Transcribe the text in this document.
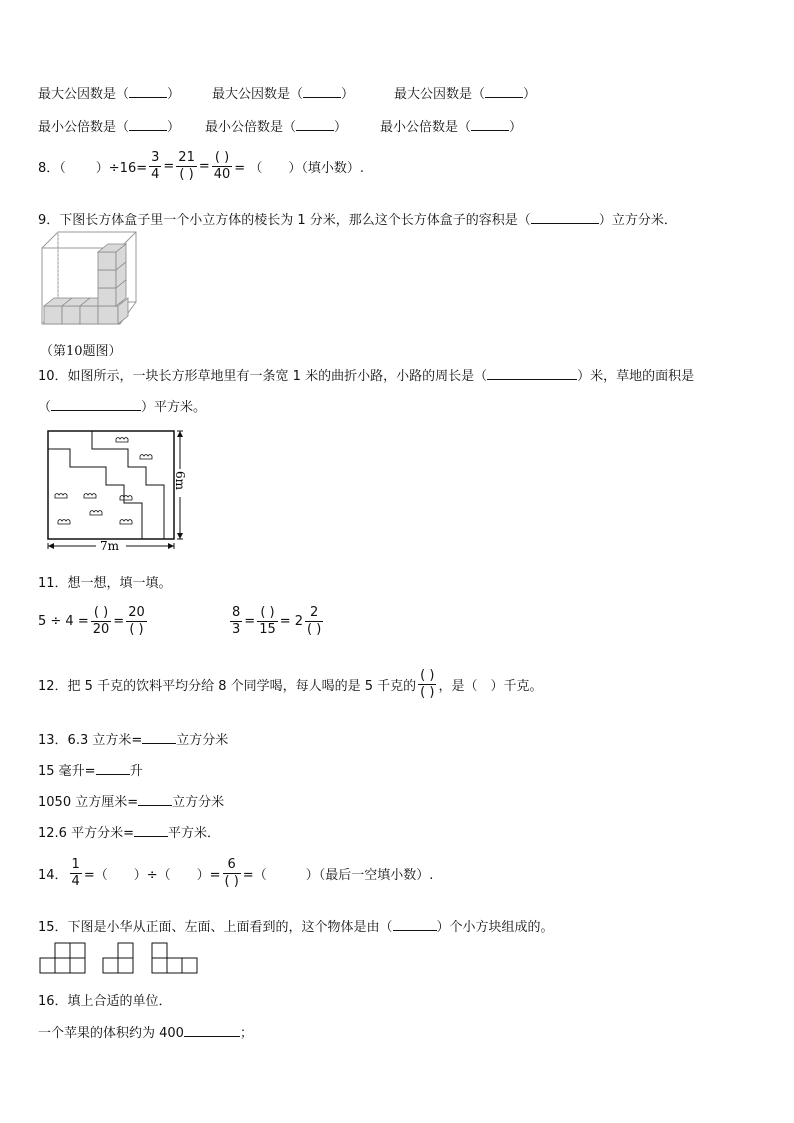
最大公因数是（	） 最大公因数是（	）	最大公因数是（	）
最小公倍数是（	） 最小公倍数是（	）	最小公倍数是（	）
8．（ ）$\div 16= \frac{3}{4} = \frac{21}{( )} = \frac{( )}{40}$ = （　　）（填小数）.
9．下图长方体盒子里一个小立方体的棱长为 1 分米，那么这个长方体盒子的容积是（	）立方分米．
（第10题图）
10．如图所示，一块长方形草地里有一条宽 1 米的曲折小路，小路的周长是（	）米，草地的面积是
（	）平方米。
7m
6m
11．想一想，填一填。
$5 \div 4 = \frac{( )}{20} = \frac{20}{( )}$	$\frac{8}{3} = \frac{( )}{15} = 2 \frac{2}{( )}$
12．把 5 千克的饮料平均分给 8 个同学喝，每人喝的是 5 千克的 $\frac{( )}{( )}$ ，是（　）千克。
13．6.3 立方米=	立方分米
15 毫升=	升
1050 立方厘米=	立方分米
12.6 平方分米=	平方米．
14． $\frac{1}{4}$ =（　　）÷（　　）= $\frac{6}{( )}$ =（　　　）（最后一空填小数）.
15．下图是小华从正面、左面、上面看到的，这个物体是由（	）个小方块组成的。
16．填上合适的单位．
一个苹果的体积约为 400	；
